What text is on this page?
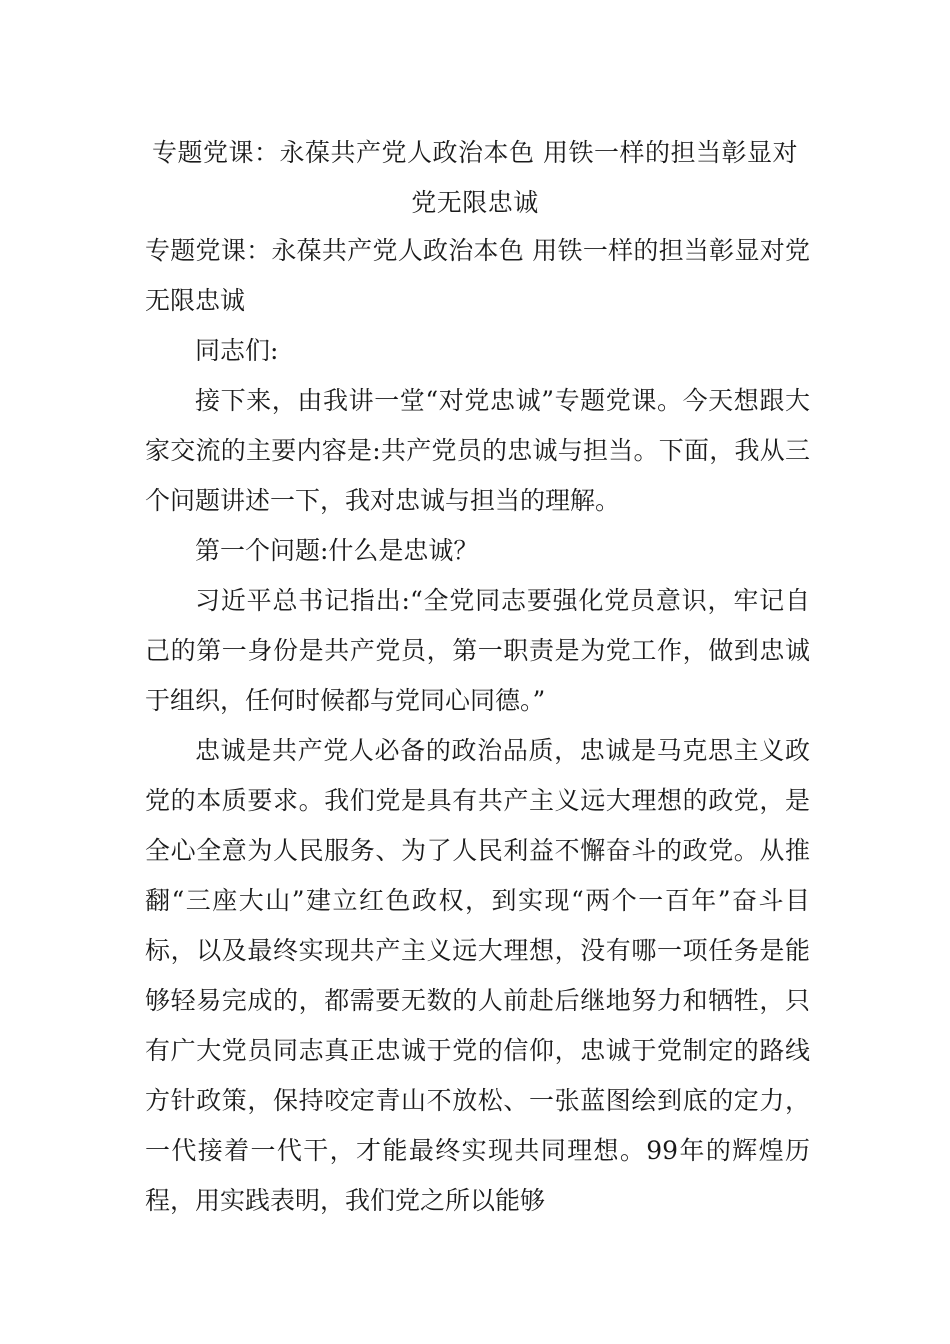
专题党课：永葆共产党人政治本色 用铁一样的担当彰显对党无限忠诚

专题党课：永葆共产党人政治本色 用铁一样的担当彰显对党无限忠诚

同志们:

接下来，由我讲一堂“对党忠诚”专题党课。今天想跟大家交流的主要内容是:共产党员的忠诚与担当。下面，我从三个问题讲述一下，我对忠诚与担当的理解。

第一个问题:什么是忠诚？

习近平总书记指出:“全党同志要强化党员意识，牢记自己的第一身份是共产党员，第一职责是为党工作，做到忠诚于组织，任何时候都与党同心同德。”

忠诚是共产党人必备的政治品质，忠诚是马克思主义政党的本质要求。我们党是具有共产主义远大理想的政党，是全心全意为人民服务、为了人民利益不懈奋斗的政党。从推翻“三座大山”建立红色政权，到实现“两个一百年”奋斗目标，以及最终实现共产主义远大理想，没有哪一项任务是能够轻易完成的，都需要无数的人前赴后继地努力和牺牲，只有广大党员同志真正忠诚于党的信仰，忠诚于党制定的路线方针政策，保持咬定青山不放松、一张蓝图绘到底的定力，一代接着一代干，才能最终实现共同理想。99年的辉煌历程，用实践表明，我们党之所以能够
